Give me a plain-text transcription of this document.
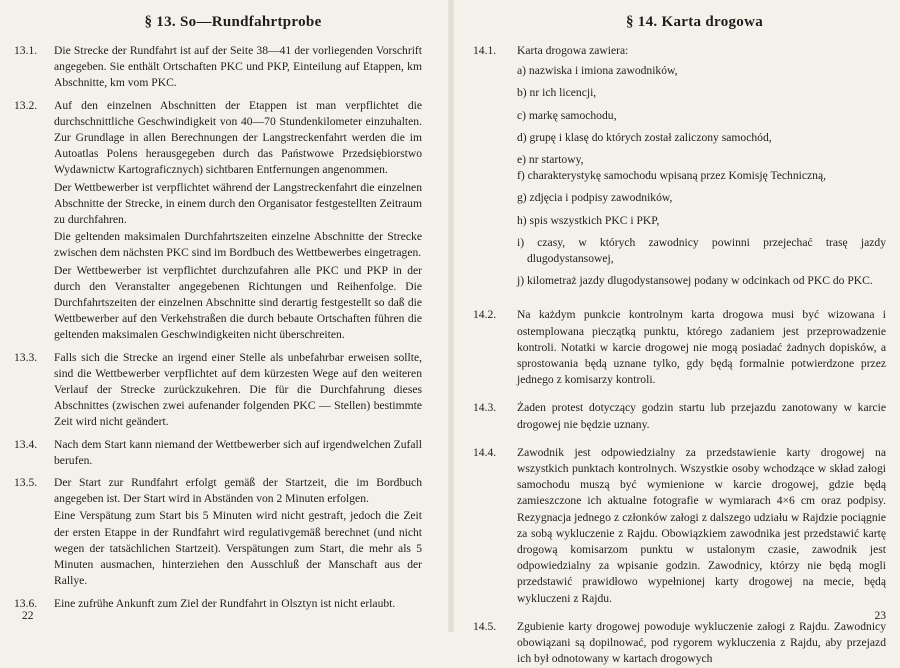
§ 13. So—Rundfahrtprobe
13.1.	Die Strecke der Rundfahrt ist auf der Seite 38—41 der vorliegenden Vorschrift angegeben. Sie enthält Ortschaften PKC und PKP, Einteilung auf Etappen, km Abschnitte, km vom PKC.

13.2.	Auf den einzelnen Abschnitten der Etappen ist man verpflichtet die durchschnittliche Geschwindigkeit von 40—70 Stundenkilometer einzuhalten. Zur Grundlage in allen Berechnungen der Langstreckenfahrt werden die im Autoatlas Polens herausgegeben durch das Państwowe Przedsiębiorstwo Wydawnictw Kartograficznych) sichtbaren Entfernungen angenommen.

Der Wettbewerber ist verpflichtet während der Langstreckenfahrt die einzelnen Abschnitte der Strecke, in einem durch den Organisator festgestellten Zeitraum zu durchfahren.

Die geltenden maksimalen Durchfahrtszeiten einzelne Abschnitte der Strecke zwischen dem nächsten PKC sind im Bordbuch des Wettbewerbes eingetragen.

Der Wettbewerber ist verpflichtet durchzufahren alle PKC und PKP in der durch den Veranstalter angegebenen Richtungen und Reihenfolge. Die Durchfahrtszeiten der einzelnen Abschnitte sind derartig festgestellt so daß die Wettbewerber auf den Verkehstraßen die durch bebaute Ortschaften führen die geltenden maksimalen Geschwindigkeiten nicht überschreiten.

13.3.	Falls sich die Strecke an irgend einer Stelle als unbefahrbar erweisen sollte, sind die Wettbewerber verpflichtet auf dem kürzesten Wege auf den weiteren Verlauf der Strecke zurückzukehren. Die für die Durchfahrung dieses Abschnittes (zwischen zwei aufenander folgenden PKC — Stellen) bestimmte Zeit wird nicht geändert.

13.4.	Nach dem Start kann niemand der Wettbewerber sich auf irgendwelchen Zufall berufen.

13.5.	Der Start zur Rundfahrt erfolgt gemäß der Startzeit, die im Bordbuch angegeben ist. Der Start wird in Abständen von 2 Minuten erfolgen.

Eine Verspätung zum Start bis 5 Minuten wird nicht gestraft, jedoch die Zeit der ersten Etappe in der Rundfahrt wird regulativgemäß berechnet (und nicht wegen der tatsächlichen Startzeit). Verspätungen zum Start, die mehr als 5 Minuten ausmachen, hinterziehen den Ausschluß der Manschaft aus der Rallye.

13.6.	Eine zufrühe Ankunft zum Ziel der Rundfahrt in Olsztyn ist nicht erlaubt.

22
§ 14. Karta drogowa
14.1.	Karta drogowa zawiera:

a) nazwiska i imiona zawodników,
b) nr ich licencji,
c) markę samochodu,
d) grupę i klasę do których został zaliczony samochód,
e) nr startowy,
f) charakterystykę samochodu wpisaną przez Komisję Techniczną,
g) zdjęcia i podpisy zawodników,
h) spis wszystkich PKC i PKP,
i) czasy, w których zawodnicy powinni przejechać trasę jazdy dlugodystansowej,
j) kilometraż jazdy dlugodystansowej podany w odcinkach od PKC do PKC.
14.2.	Na każdym punkcie kontrolnym karta drogowa musi być wizowana i ostemplowana pieczątką punktu, którego zadaniem jest przeprowadzenie kontroli. Notatki w karcie drogowej nie mogą posiadać żadnych dopisków, a sprostowania będą uznane tylko, gdy będą formalnie potwierdzone przez jednego z komisarzy kontroli.

14.3.	Żaden protest dotyczący godzin startu lub przejazdu zanotowany w karcie drogowej nie będzie uznany.

14.4.	Zawodnik jest odpowiedzialny za przedstawienie karty drogowej na wszystkich punktach kontrolnych. Wszystkie osoby wchodzące w skład załogi samochodu muszą być wymienione w karcie drogowej, gdzie będą zamieszczone ich aktualne fotografie w wymiarach 4×6 cm oraz podpisy. Rezygnacja jednego z członków załogi z dalszego udziału w Rajdzie pociągnie za sobą wykluczenie z Rajdu. Obowiązkiem zawodnika jest przedstawić kartę drogową komisarzom punktu w ustalonym czasie, zawodnik jest odpowiedzialny za wpisanie godzin. Zawodnicy, którzy nie będą mogli przedstawić prawidłowo wypełnionej karty drogowej na mecie, będą wykluczeni z Rajdu.

14.5.	Zgubienie karty drogowej powoduje wykluczenie załogi z Rajdu. Zawodnicy obowiązani są dopilnować, pod rygorem wykluczenia z Rajdu, aby przejazd ich był odnotowany w kartach drogowych

23
